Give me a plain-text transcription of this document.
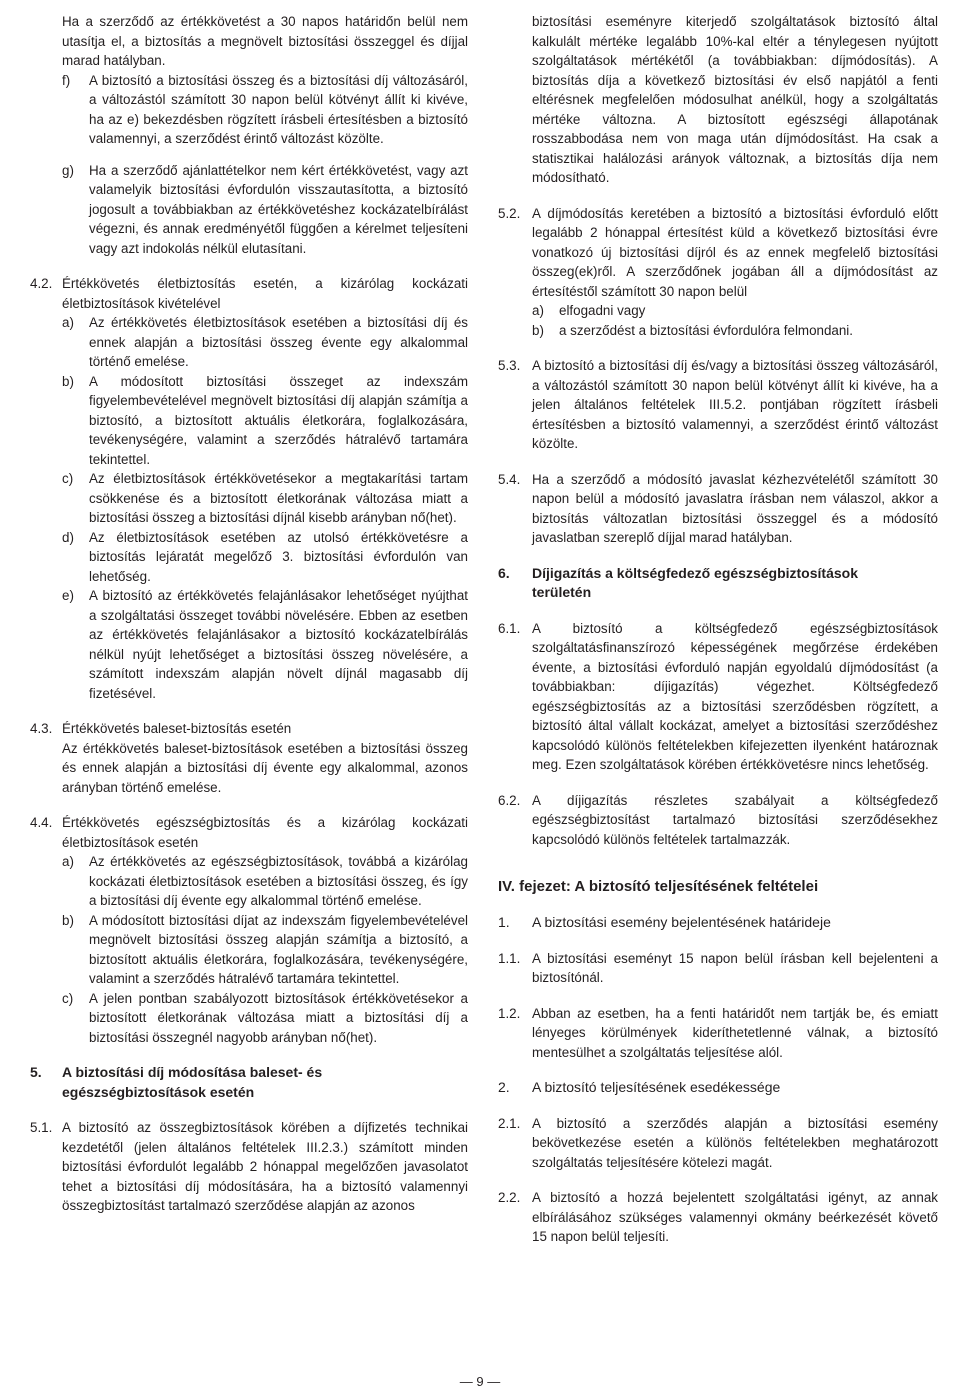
Ha a szerződő az értékkövetést a 30 napos határidőn belül nem utasítja el, a biztosítás a megnövelt biztosítási összeggel és díjjal marad hatályban.

f)	A biztosító a biztosítási összeg és a biztosítási díj változásáról, a változástól számított 30 napon belül kötvényt állít ki kivéve, ha az e) bekezdésben rögzített írásbeli értesítésben a biztosító valamennyi, a szerződést érintő változást közölte.
g)	Ha a szerződő ajánlattételkor nem kért értékkövetést, vagy azt valamelyik biztosítási évfordulón visszautasította, a biztosító jogosult a továbbiakban az értékkövetéshez kockázatelbírálást végezni, és annak eredményétől függően a kérelmet teljesíteni vagy azt indokolás nélkül elutasítani.
4.2. Értékkövetés életbiztosítás esetén, a kizárólag kockázati életbiztosítások kivételével
a)	Az értékkövetés életbiztosítások esetében a biztosítási díj és ennek alapján a biztosítási összeg évente egy alkalommal történő emelése.
b)	A módosított biztosítási összeget az indexszám figyelembevételével megnövelt biztosítási díj alapján számítja a biztosító, a biztosított aktuális életkorára, foglalkozására, tevékenységére, valamint a szerződés hátralévő tartamára tekintettel.
c)	Az életbiztosítások értékkövetésekor a megtakarítási tartam csökkenése és a biztosított életkorának változása miatt a biztosítási összeg a biztosítási díjnál kisebb arányban nő(het).
d)	Az életbiztosítások esetében az utolsó értékkövetésre a biztosítás lejáratát megelőző 3. biztosítási évfordulón van lehetőség.
e)	A biztosító az értékkövetés felajánlásakor lehetőséget nyújthat a szolgáltatási összeget további növelésére. Ebben az esetben az értékkövetés felajánlásakor a biztosító kockázatelbírálás nélkül nyújt lehetőséget a biztosítási összeg növelésére, a számított indexszám alapján növelt díjnál magasabb díj fizetésével.
4.3. Értékkövetés baleset-biztosítás esetén
Az értékkövetés baleset-biztosítások esetében a biztosítási összeg és ennek alapján a biztosítási díj évente egy alkalommal, azonos arányban történő emelése.
4.4. Értékkövetés egészségbiztosítás és a kizárólag kockázati életbiztosítások esetén
a)	Az értékkövetés az egészségbiztosítások, továbbá a kizárólag kockázati életbiztosítások esetében a biztosítási összeg, és így a biztosítási díj évente egy alkalommal történő emelése.
b)	A módosított biztosítási díjat az indexszám figyelembevételével megnövelt biztosítási összeg alapján számítja a biztosító, a biztosított aktuális életkorára, foglalkozására, tevékenységére, valamint a szerződés hátralévő tartamára tekintettel.
c)	A jelen pontban szabályozott biztosítások értékkövetésekor a biztosított életkorának változása miatt a biztosítási díj a biztosítási összegnél nagyobb arányban nő(het).
5. A biztosítási díj módosítása baleset- és egészségbiztosítások esetén
5.1. A biztosító az összegbiztosítások körében a díjfizetés technikai kezdetétől (jelen általános feltételek III.2.3.) számított minden biztosítási évfordulót legalább 2 hónappal megelőzően javasolatot tehet a biztosítási díj módosítására, ha a biztosító valamennyi összegbiztosítást tartalmazó szerződése alapján az azonos

biztosítási eseményre kiterjedő szolgáltatások biztosító által kalkulált mértéke legalább 10%-kal eltér a ténylegesen nyújtott szolgáltatások mértékétől (a továbbiakban: díjmódosítás). A biztosítás díja a következő biztosítási év első napjától a fenti eltérésnek megfelelően módosulhat anélkül, hogy a szolgáltatás mértéke változna. A biztosított egészségi állapotának rosszabbodása nem von maga után díjmódosítást. Ha csak a statisztikai halálozási arányok változnak, a biztosítás díja nem módosítható.

5.2. A díjmódosítás keretében a biztosító a biztosítási évforduló előtt legalább 2 hónappal értesítést küld a következő biztosítási évre vonatkozó új biztosítási díjról és az ennek megfelelő biztosítási összeg(ek)ről. A szerződőnek jogában áll a díjmódosítást az értesítéstől számított 30 napon belül
a)	elfogadni vagy
b)	a szerződést a biztosítási évfordulóra felmondani.
5.3. A biztosító a biztosítási díj és/vagy a biztosítási összeg változásáról, a változástól számított 30 napon belül kötvényt állít ki kivéve, ha a jelen általános feltételek III.5.2. pontjában rögzített írásbeli értesítésben a biztosító valamennyi, a szerződést érintő változást közölte.
5.4. Ha a szerződő a módosító javaslat kézhezvételétől számított 30 napon belül a módosító javaslatra írásban nem válaszol, akkor a biztosítás változatlan biztosítási összeggel és a módosító javaslatban szereplő díjjal marad hatályban.
6. Díjigazítás a költségfedező egészségbiztosítások területén
6.1. A biztosító a költségfedező egészségbiztosítások szolgáltatásfinanszírozó képességének megőrzése érdekében évente, a biztosítási évforduló napján egyoldalú díjmódosítást (a továbbiakban: díjigazítás) végezhet. Költségfedező egészségbiztosítás az a biztosítási szerződésben rögzített, a biztosító által vállalt kockázat, amelyet a biztosítási szerződéshez kapcsolódó különös feltételekben kifejezetten ilyenként határoznak meg. Ezen szolgáltatások körében értékkövetésre nincs lehetőség.
6.2. A díjigazítás részletes szabályait a költségfedező egészségbiztosítást tartalmazó biztosítási szerződésekhez kapcsolódó különös feltételek tartalmazzák.

IV. fejezet: A biztosító teljesítésének feltételei

1. A biztosítási esemény bejelentésének határideje
1.1. A biztosítási eseményt 15 napon belül írásban kell bejelenteni a biztosítónál.
1.2. Abban az esetben, ha a fenti határidőt nem tartják be, és emiatt lényeges körülmények kideríthetetlenné válnak, a biztosító mentesülhet a szolgáltatás teljesítése alól.
2. A biztosító teljesítésének esedékessége
2.1. A biztosító a szerződés alapján a biztosítási esemény bekövetkezése esetén a különös feltételekben meghatározott szolgáltatás teljesítésére kötelezi magát.
2.2. A biztosító a hozzá bejelentett szolgáltatási igényt, az annak elbírálásához szükséges valamennyi okmány beérkezését követő 15 napon belül teljesíti.
— 9 —
